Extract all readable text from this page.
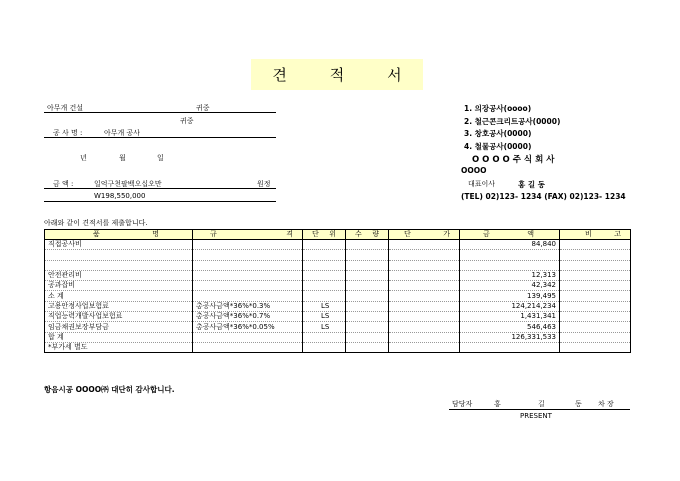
견	적	서
아무개 건설	귀중
귀중
공 사 명 :	아무개 공사
년	월	일
금 액 :	일억구천팔백오십오만	원정
W198,550,000
1. 의장공사(oooo)
2. 철근콘크리트공사(0000)
3. 창호공사(0000)
4. 철물공사(0000)
O O O O 주 식 회 사
OOOO
대표이사	홍 길 동
(TEL) 02)123- 1234 (FAX) 02)123- 1234
아래와 같이 견적서를 제출합니다.
품 명	규 격	단 위	수 량	단 가	금 액	비 고

직접공사비					84,840	

안전관리비					12,313	
공과잡비					42,342	
소 계					139,495	
고용안정사업보험료	총공사금액*36%*0.3%	LS			124,214,234	
직업능력개발사업보험료	총공사금액*36%*0.7%	LS			1,431,341	
임금채권보장부담금	총공사금액*36%*0.05%	LS			546,463	
합 계					126,331,533	
*부가세 별도						
항음시공 OOOO㈜ 대단히 감사합니다.
담당자	홍	길	동 차 장
PRESENT
